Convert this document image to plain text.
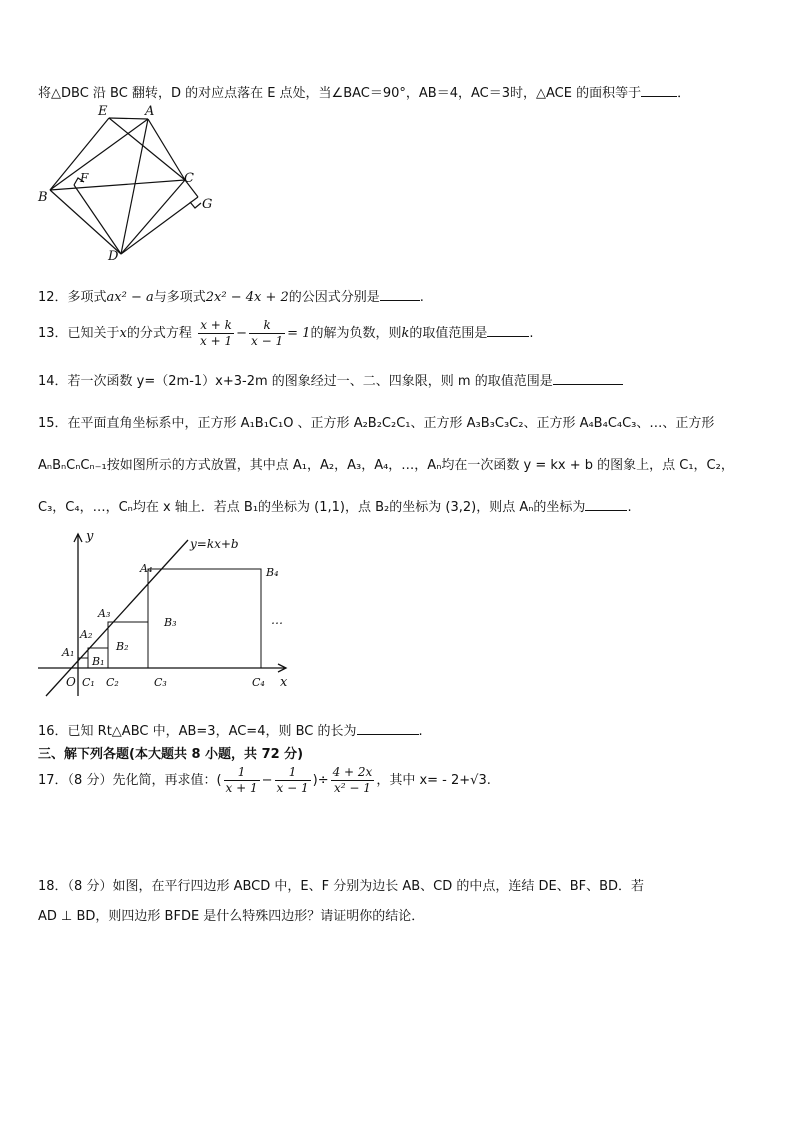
将△DBC 沿 BC 翻转，D 的对应点落在 E 点处，当∠BAC＝90°，AB＝4，AC＝3时，△ACE 的面积等于	．
E	A
F
B
C
G
D
12．多项式ax² − a与多项式2x² − 4x + 2的公因式分别是	.
13．已知关于x的分式方程 $\frac{x + k}{x + 1} - \frac{k}{x - 1} = 1$的解为负数，则k的取值范围是	.
14．若一次函数 y=（2m-1）x+3-2m 的图象经过一、二、四象限，则 m 的取值范围是
15．在平面直角坐标系中，正方形 A₁B₁C₁O 、正方形 A₂B₂C₂C₁、正方形 A₃B₃C₃C₂、正方形 A₄B₄C₄C₃、…、正方形
AₙBₙCₙCₙ₋₁按如图所示的方式放置，其中点 A₁，A₂，A₃，A₄，…，Aₙ均在一次函数 y = kx + b 的图象上，点 C₁，C₂，
C₃，C₄，…，Cₙ均在 x 轴上．若点 B₁的坐标为 (1,1)，点 B₂的坐标为 (3,2)，则点 Aₙ的坐标为	.
y
x
O
y=kx+b
A₁
A₂
A₃
A₄
B₁
B₂
B₃
B₄
C₁ C₂	C₃	C₄
…
16．已知 Rt△ABC 中，AB=3，AC=4，则 BC 的长为	.
三、解下列各题(本大题共 8 小题，共 72 分)
17．（8 分）先化简，再求值：( $\frac{1}{x + 1} - \frac{1}{x - 1}$ )÷ $\frac{4 + 2x}{\text{x² − 1}}$ ，其中 x= - 2+√3.
18．（8 分）如图，在平行四边形 ABCD 中，E、F 分别为边长 AB、CD 的中点，连结 DE、BF、BD．若
AD ⊥ BD，则四边形 BFDE 是什么特殊四边形？请证明你的结论．
